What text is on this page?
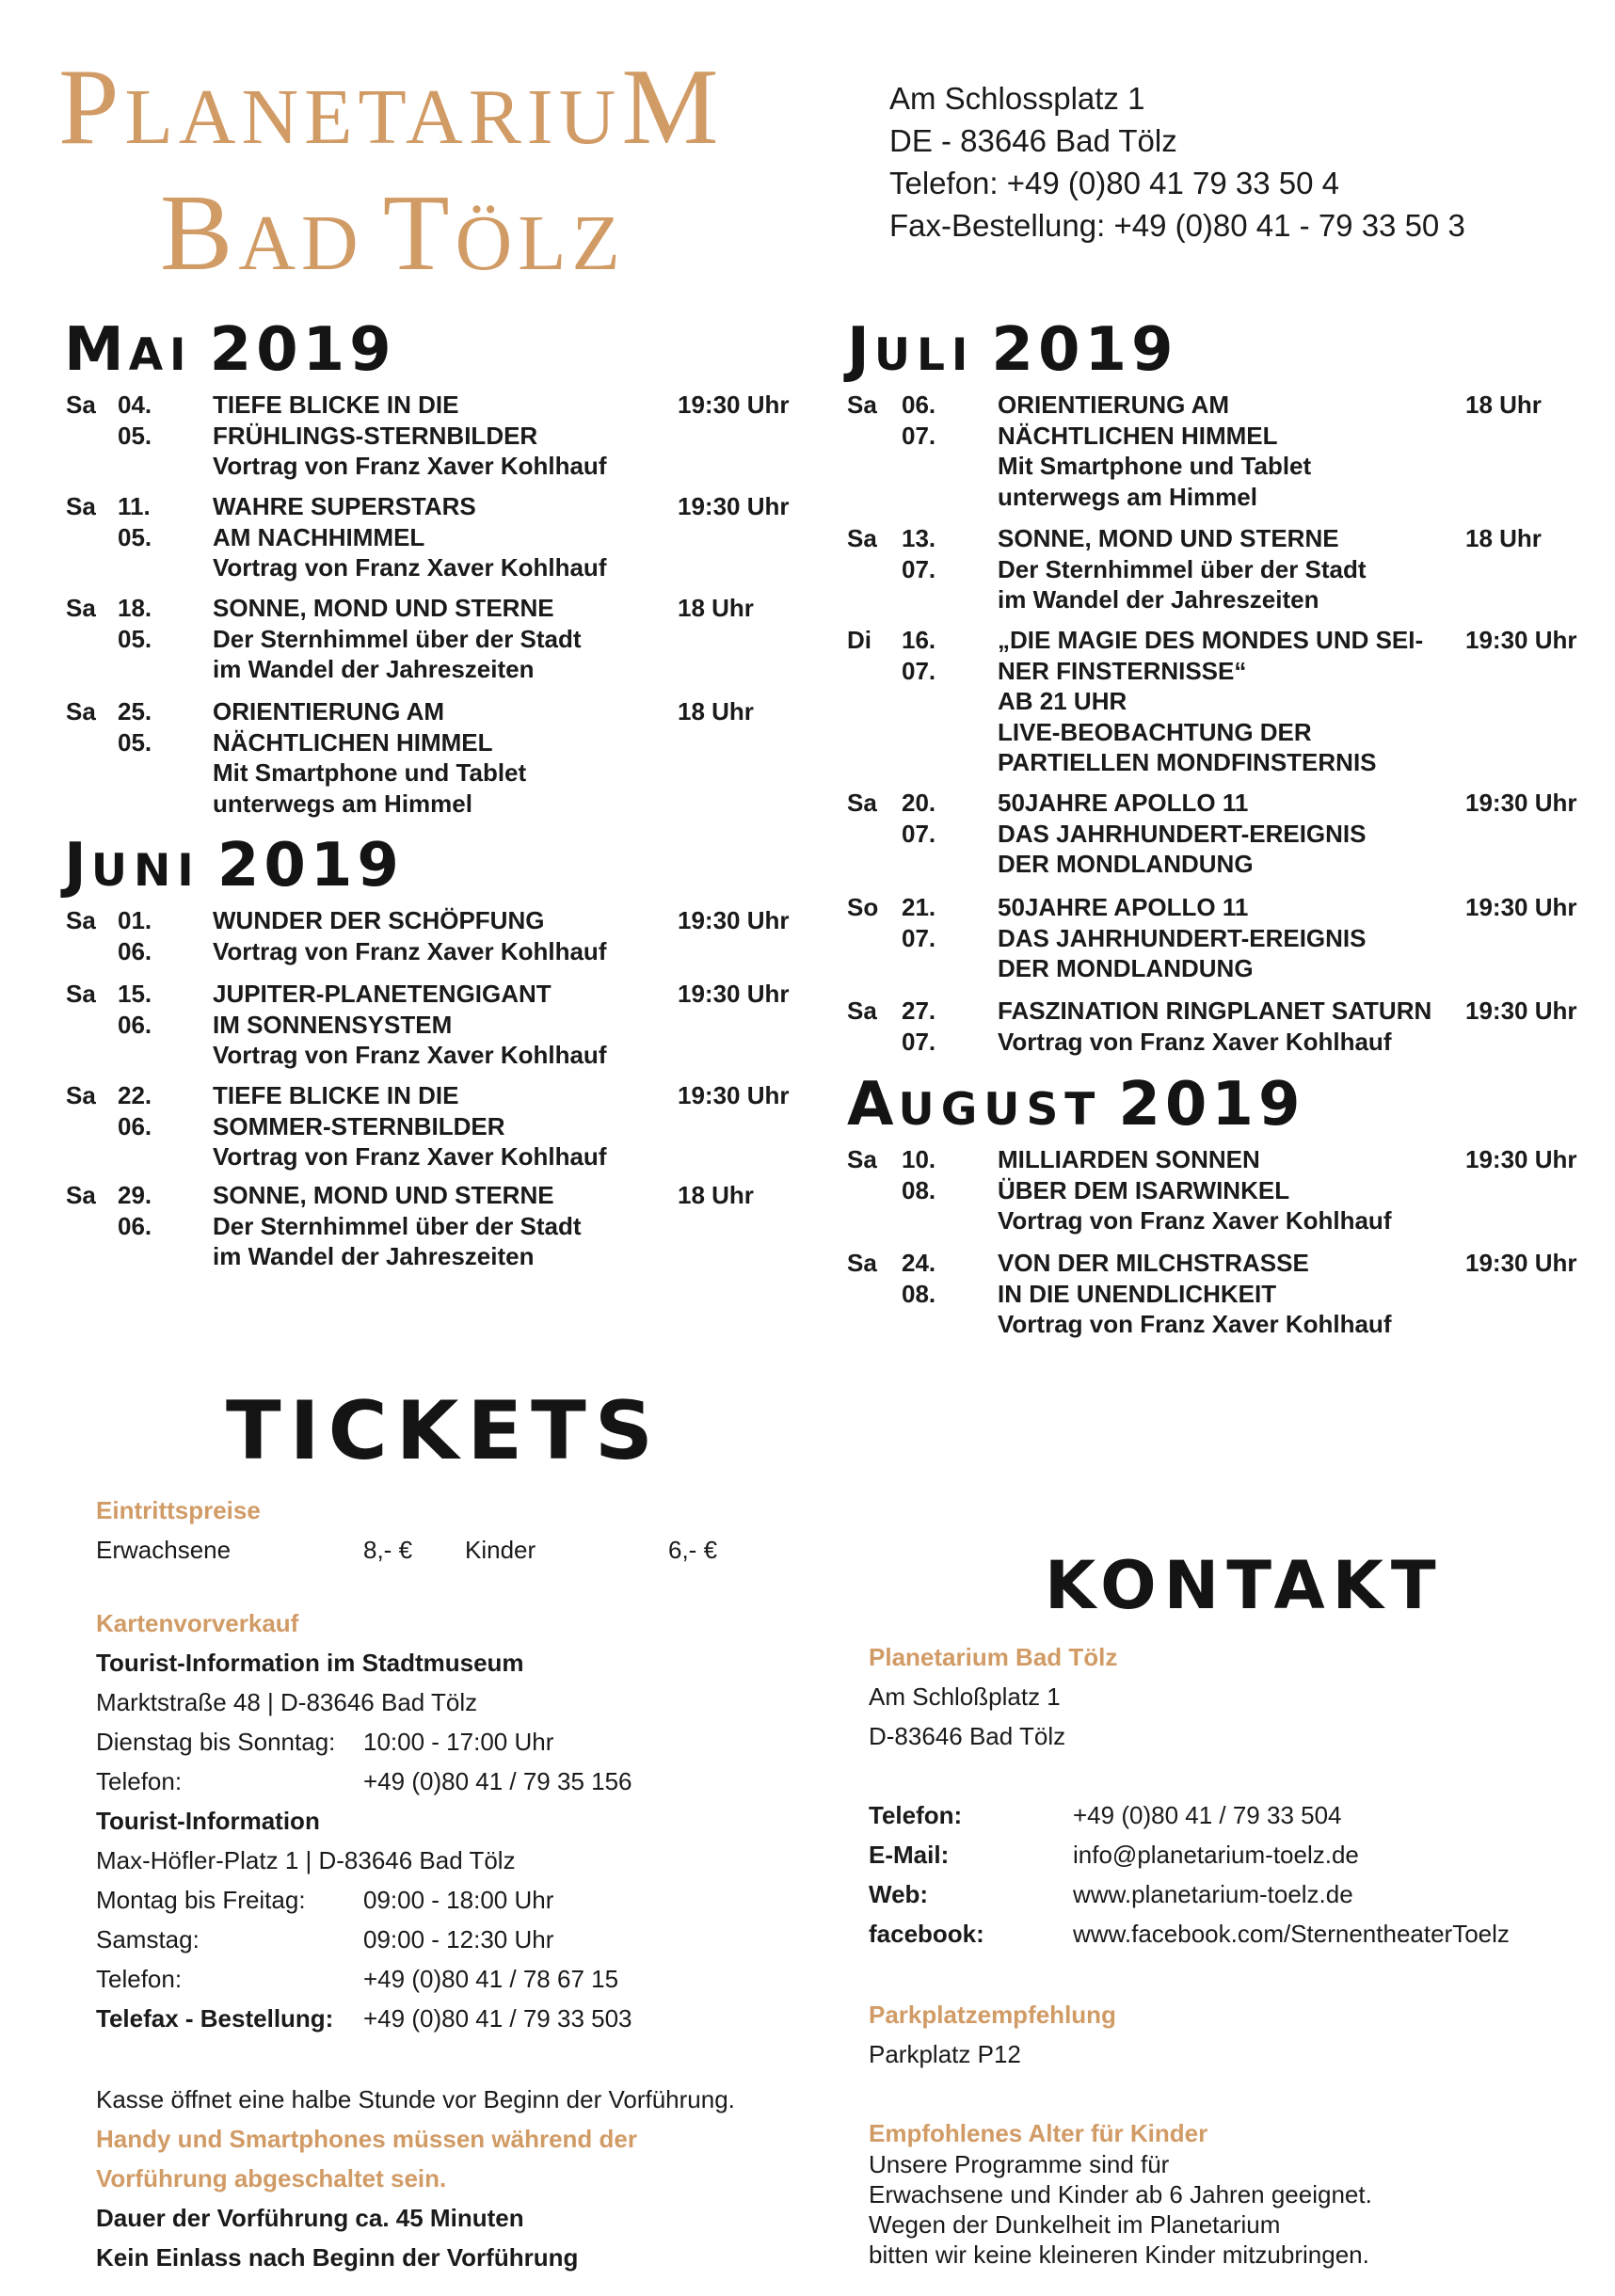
PLANETARIUM
BAD TÖLZ
Am Schlossplatz 1
DE - 83646 Bad Tölz
Telefon: +49 (0)80 41 79 33 50 4
Fax-Bestellung: +49 (0)80 41 - 79 33 50 3
MAI 2019
JUNI 2019
JULI 2019
AUGUST 2019
Sa 04. 05.
TIEFE BLICKE IN DIE
FRÜHLINGS-STERNBILDER
Vortrag von Franz Xaver Kohlhauf
19:30 Uhr
Sa 11. 05.
WAHRE SUPERSTARS
AM NACHHIMMEL
Vortrag von Franz Xaver Kohlhauf
19:30 Uhr
Sa 18. 05.
SONNE, MOND UND STERNE
Der Sternhimmel über der Stadt
im Wandel der Jahreszeiten
18 Uhr
Sa 25. 05.
ORIENTIERUNG AM
NÄCHTLICHEN HIMMEL
Mit Smartphone und Tablet
unterwegs am Himmel
18 Uhr
Sa 01. 06.
WUNDER DER SCHÖPFUNG
Vortrag von Franz Xaver Kohlhauf
19:30 Uhr
Sa 15. 06.
JUPITER-PLANETENGIGANT
IM SONNENSYSTEM
Vortrag von Franz Xaver Kohlhauf
19:30 Uhr
Sa 22. 06.
TIEFE BLICKE IN DIE
SOMMER-STERNBILDER
Vortrag von Franz Xaver Kohlhauf
19:30 Uhr
Sa 29. 06.
SONNE, MOND UND STERNE
Der Sternhimmel über der Stadt
im Wandel der Jahreszeiten
18 Uhr
Sa 06. 07.
ORIENTIERUNG AM
NÄCHTLICHEN HIMMEL
Mit Smartphone und Tablet
unterwegs am Himmel
18 Uhr
Sa 13. 07.
SONNE, MOND UND STERNE
Der Sternhimmel über der Stadt
im Wandel der Jahreszeiten
18 Uhr
Di 16. 07.
„DIE MAGIE DES MONDES UND SEI-
NER FINSTERNISSE“
AB 21 UHR
LIVE-BEOBACHTUNG DER
PARTIELLEN MONDFINSTERNIS
19:30 Uhr
Sa 20. 07.
50JAHRE APOLLO 11
DAS JAHRHUNDERT-EREIGNIS
DER MONDLANDUNG
19:30 Uhr
So 21. 07.
50JAHRE APOLLO 11
DAS JAHRHUNDERT-EREIGNIS
DER MONDLANDUNG
19:30 Uhr
Sa 27. 07.
FASZINATION RINGPLANET SATURN
Vortrag von Franz Xaver Kohlhauf
19:30 Uhr
Sa 10. 08.
MILLIARDEN SONNEN
ÜBER DEM ISARWINKEL
Vortrag von Franz Xaver Kohlhauf
19:30 Uhr
Sa 24. 08.
VON DER MILCHSTRASSE
IN DIE UNENDLICHKEIT
Vortrag von Franz Xaver Kohlhauf
19:30 Uhr
TICKETS
Eintrittspreise
Erwachsene	8,- € Kinder	6,- €
Kartenvorverkauf
Tourist-Information im Stadtmuseum
Marktstraße 48 | D-83646 Bad Tölz
Dienstag bis Sonntag: 10:00 - 17:00 Uhr
Telefon:	+49 (0)80 41 / 79 35 156
Tourist-Information
Max-Höfler-Platz 1 | D-83646 Bad Tölz
Montag bis Freitag: 09:00 - 18:00 Uhr
Samstag:	09:00 - 12:30 Uhr
Telefon:	+49 (0)80 41 / 78 67 15
Telefax - Bestellung: +49 (0)80 41 / 79 33 503
Kasse öffnet eine halbe Stunde vor Beginn der Vorführung.
Handy und Smartphones müssen während der
Vorführung abgeschaltet sein.
Dauer der Vorführung ca. 45 Minuten
Kein Einlass nach Beginn der Vorführung
KONTAKT
Planetarium Bad Tölz
Am Schloßplatz 1
D-83646 Bad Tölz
Telefon:	+49 (0)80 41 / 79 33 504
E-Mail:	info@planetarium-toelz.de
Web:	www.planetarium-toelz.de
facebook:	www.facebook.com/SternentheaterToelz
Parkplatzempfehlung
Parkplatz P12
Empfohlenes Alter für Kinder
Unsere Programme sind für
Erwachsene und Kinder ab 6 Jahren geeignet.
Wegen der Dunkelheit im Planetarium
bitten wir keine kleineren Kinder mitzubringen.
